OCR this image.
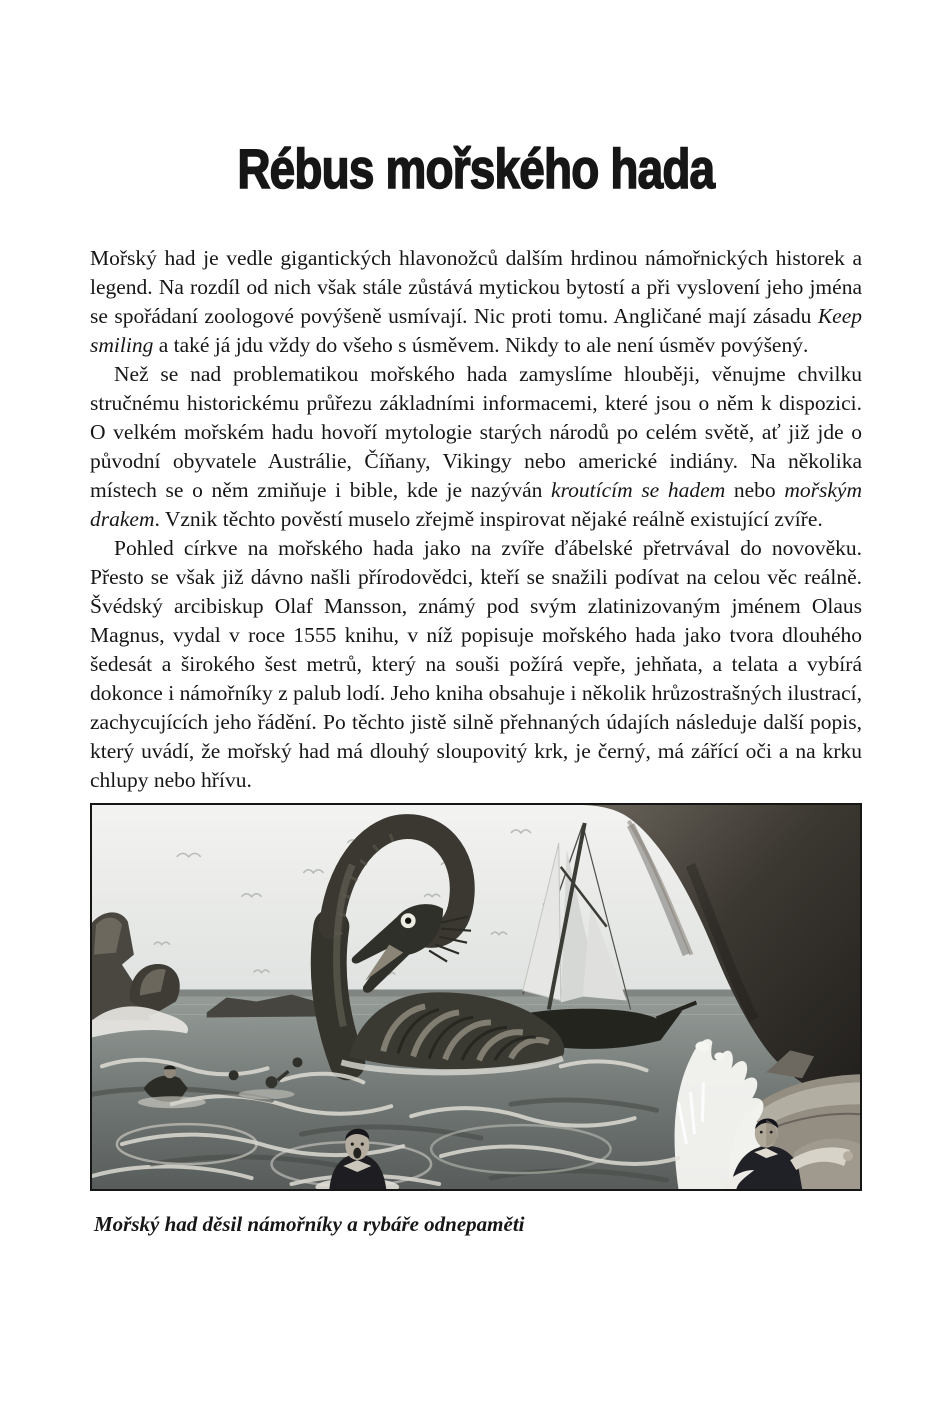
Rébus mořského hada

Mořský had je vedle gigantických hlavonožců dalším hrdinou námořnických historek a legend. Na rozdíl od nich však stále zůstává mytickou bytostí a při vyslovení jeho jména se spořádaní zoologové povýšeně usmívají. Nic proti tomu. Angličané mají zásadu Keep smiling a také já jdu vždy do všeho s úsměvem. Nikdy to ale není úsměv povýšený.

Než se nad problematikou mořského hada zamyslíme hlouběji, věnujme chvilku stručnému historickému průřezu základními informacemi, které jsou o něm k dispozici. O velkém mořském hadu hovoří mytologie starých národů po celém světě, ať již jde o původní obyvatele Austrálie, Číňany, Vikingy nebo americké indiány. Na několika místech se o něm zmiňuje i bible, kde je nazýván kroutícím se hadem nebo mořským drakem. Vznik těchto pověstí muselo zřejmě inspirovat nějaké reálně existující zvíře.

Pohled církve na mořského hada jako na zvíře ďábelské přetrvával do novověku. Přesto se však již dávno našli přírodovědci, kteří se snažili podívat na celou věc reálně. Švédský arcibiskup Olaf Mansson, známý pod svým zlatinizovaným jménem Olaus Magnus, vydal v roce 1555 knihu, v níž popisuje mořského hada jako tvora dlouhého šedesát a širokého šest metrů, který na souši požírá vepře, jehňata, a telata a vybírá dokonce i námořníky z palub lodí. Jeho kniha obsahuje i několik hrůzostrašných ilustrací, zachycujících jeho řádění. Po těchto jistě silně přehnaných údajích následuje další popis, který uvádí, že mořský had má dlouhý sloupovitý krk, je černý, má zářící oči a na krku chlupy nebo hřívu.

Mořský had děsil námořníky a rybáře odnepaměti
